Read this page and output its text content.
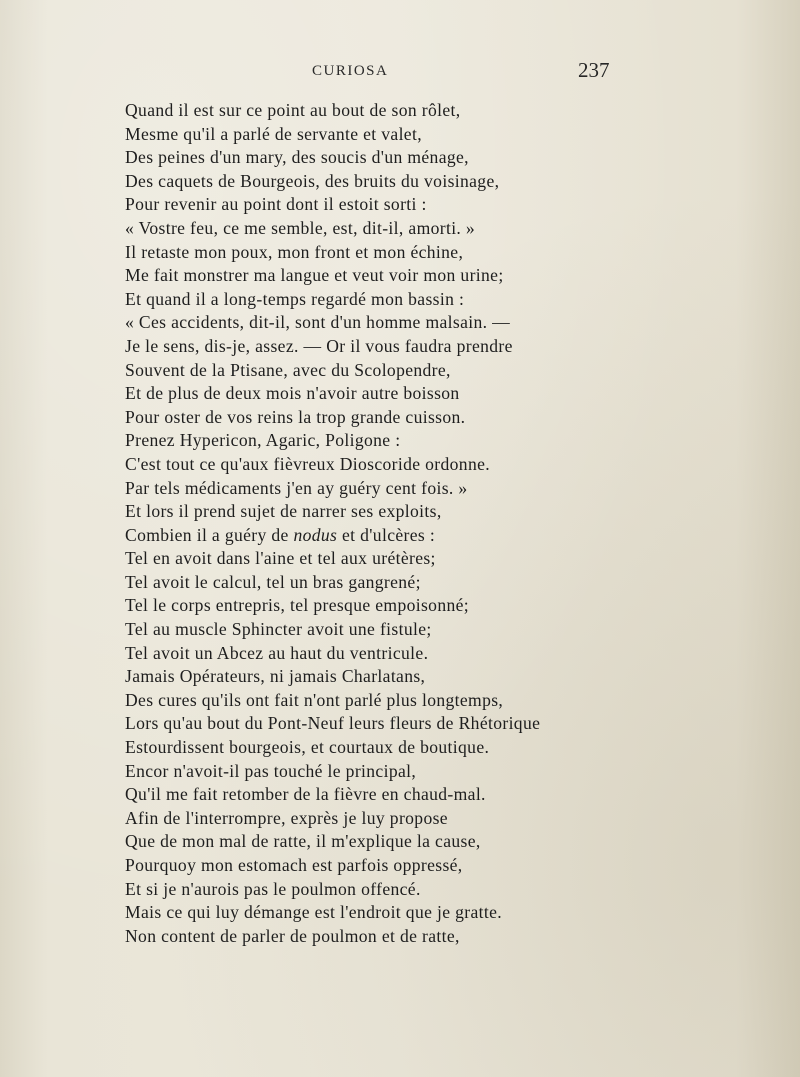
CURIOSA	237
Quand il est sur ce point au bout de son rôlet,
Mesme qu'il a parlé de servante et valet,
Des peines d'un mary, des soucis d'un ménage,
Des caquets de Bourgeois, des bruits du voisinage,
Pour revenir au point dont il estoit sorti :
« Vostre feu, ce me semble, est, dit-il, amorti. »
Il retaste mon poux, mon front et mon échine,
Me fait monstrer ma langue et veut voir mon urine;
Et quand il a long-temps regardé mon bassin :
« Ces accidents, dit-il, sont d'un homme malsain. —
Je le sens, dis-je, assez. — Or il vous faudra prendre
Souvent de la Ptisane, avec du Scolopendre,
Et de plus de deux mois n'avoir autre boisson
Pour oster de vos reins la trop grande cuisson.
Prenez Hypericon, Agaric, Poligone :
C'est tout ce qu'aux fièvreux Dioscoride ordonne.
Par tels médicaments j'en ay guéry cent fois. »
Et lors il prend sujet de narrer ses exploits,
Combien il a guéry de nodus et d'ulcères :
Tel en avoit dans l'aine et tel aux urétères;
Tel avoit le calcul, tel un bras gangrené;
Tel le corps entrepris, tel presque empoisonné;
Tel au muscle Sphincter avoit une fistule;
Tel avoit un Abcez au haut du ventricule.
Jamais Opérateurs, ni jamais Charlatans,
Des cures qu'ils ont fait n'ont parlé plus longtemps,
Lors qu'au bout du Pont-Neuf leurs fleurs de Rhétorique
Estourdissent bourgeois, et courtaux de boutique.
Encor n'avoit-il pas touché le principal,
Qu'il me fait retomber de la fièvre en chaud-mal.
Afin de l'interrompre, exprès je luy propose
Que de mon mal de ratte, il m'explique la cause,
Pourquoy mon estomach est parfois oppressé,
Et si je n'aurois pas le poulmon offencé.
Mais ce qui luy démange est l'endroit que je gratte.
Non content de parler de poulmon et de ratte,
